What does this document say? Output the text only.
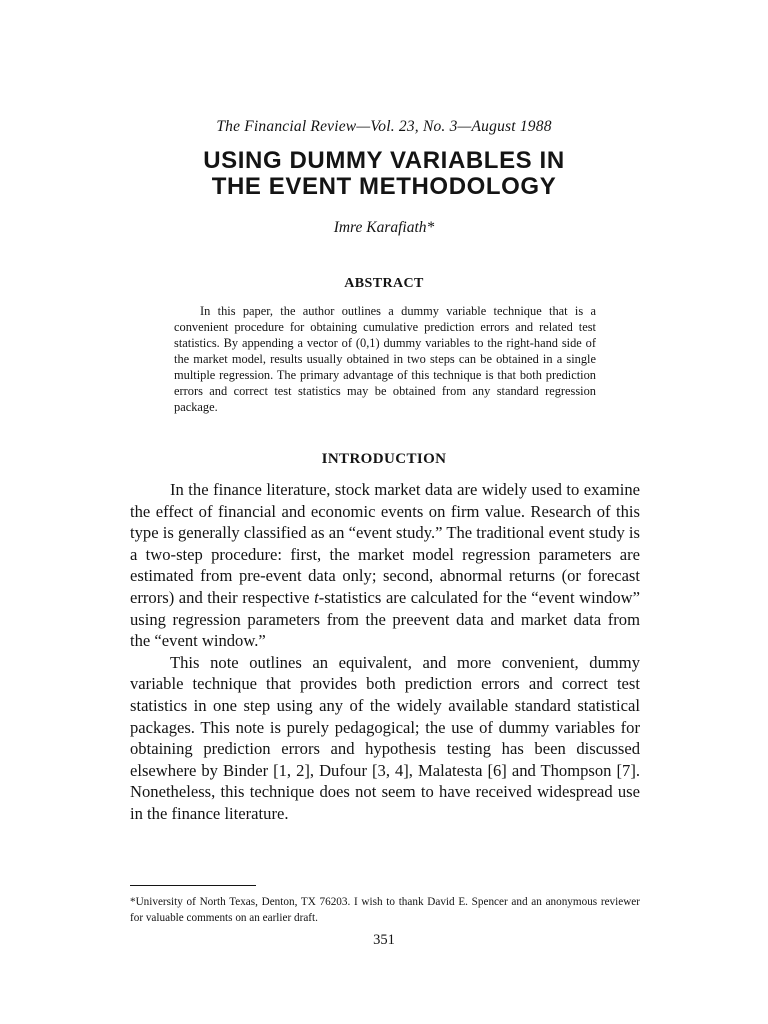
The Financial Review—Vol. 23, No. 3—August 1988
USING DUMMY VARIABLES IN
THE EVENT METHODOLOGY
Imre Karafiath*
ABSTRACT

In this paper, the author outlines a dummy variable technique that is a convenient procedure for obtaining cumulative prediction errors and related test statistics. By appending a vector of (0,1) dummy variables to the right-hand side of the market model, results usually obtained in two steps can be obtained in a single multiple regression. The primary advantage of this technique is that both prediction errors and correct test statistics may be obtained from any standard regression package.

INTRODUCTION

In the finance literature, stock market data are widely used to examine the effect of financial and economic events on firm value. Research of this type is generally classified as an “event study.” The traditional event study is a two-step procedure: first, the market model regression parameters are estimated from pre-event data only; second, abnormal returns (or forecast errors) and their respective t-statistics are calculated for the “event window” using regression parameters from the preevent data and market data from the “event window.”

This note outlines an equivalent, and more convenient, dummy variable technique that provides both prediction errors and correct test statistics in one step using any of the widely available standard statistical packages. This note is purely pedagogical; the use of dummy variables for obtaining prediction errors and hypothesis testing has been discussed elsewhere by Binder [1, 2], Dufour [3, 4], Malatesta [6] and Thompson [7]. Nonetheless, this technique does not seem to have received widespread use in the finance literature.

*University of North Texas, Denton, TX 76203. I wish to thank David E. Spencer and an anonymous reviewer for valuable comments on an earlier draft.
351
